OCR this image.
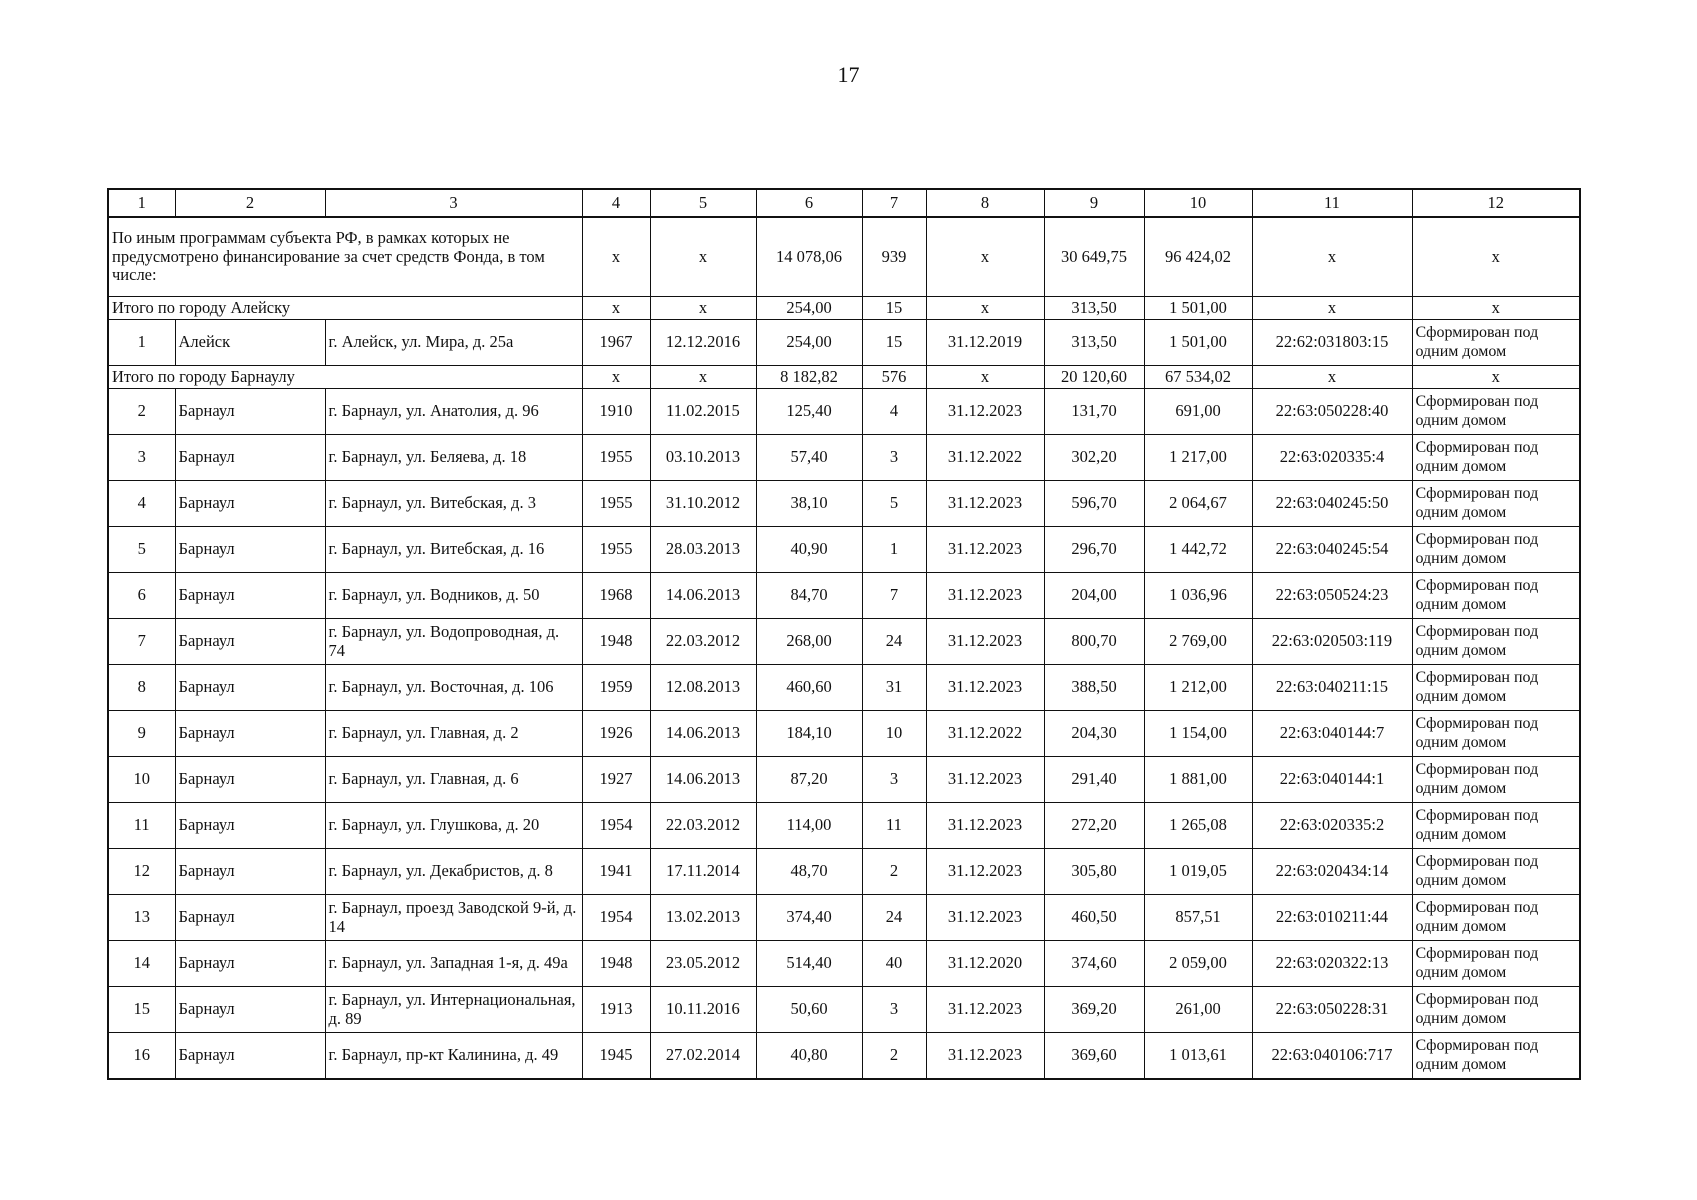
17
1	2	3	4	5	6	7	8	9	10	11	12
По иным программам субъекта РФ, в рамках которых не предусмотрено финансирование за счет средств Фонда, в том числе:			х	х	14 078,06	939	х	30 649,75	96 424,02	х	х
Итого по городу Алейску			х	х	254,00	15	х	313,50	1 501,00	х	х
1	Алейск	г. Алейск, ул. Мира, д. 25а	1967	12.12.2016	254,00	15	31.12.2019	313,50	1 501,00	22:62:031803:15	Сформирован под одним домом
Итого по городу Барнаулу			х	х	8 182,82	576	х	20 120,60	67 534,02	х	х
2	Барнаул	г. Барнаул, ул. Анатолия, д. 96	1910	11.02.2015	125,40	4	31.12.2023	131,70	691,00	22:63:050228:40	Сформирован под одним домом
3	Барнаул	г. Барнаул, ул. Беляева, д. 18	1955	03.10.2013	57,40	3	31.12.2022	302,20	1 217,00	22:63:020335:4	Сформирован под одним домом
4	Барнаул	г. Барнаул, ул. Витебская, д. 3	1955	31.10.2012	38,10	5	31.12.2023	596,70	2 064,67	22:63:040245:50	Сформирован под одним домом
5	Барнаул	г. Барнаул, ул. Витебская, д. 16	1955	28.03.2013	40,90	1	31.12.2023	296,70	1 442,72	22:63:040245:54	Сформирован под одним домом
6	Барнаул	г. Барнаул, ул. Водников, д. 50	1968	14.06.2013	84,70	7	31.12.2023	204,00	1 036,96	22:63:050524:23	Сформирован под одним домом
7	Барнаул	г. Барнаул, ул. Водопроводная, д. 74	1948	22.03.2012	268,00	24	31.12.2023	800,70	2 769,00	22:63:020503:119	Сформирован под одним домом
8	Барнаул	г. Барнаул, ул. Восточная, д. 106	1959	12.08.2013	460,60	31	31.12.2023	388,50	1 212,00	22:63:040211:15	Сформирован под одним домом
9	Барнаул	г. Барнаул, ул. Главная, д. 2	1926	14.06.2013	184,10	10	31.12.2022	204,30	1 154,00	22:63:040144:7	Сформирован под одним домом
10	Барнаул	г. Барнаул, ул. Главная, д. 6	1927	14.06.2013	87,20	3	31.12.2023	291,40	1 881,00	22:63:040144:1	Сформирован под одним домом
11	Барнаул	г. Барнаул, ул. Глушкова, д. 20	1954	22.03.2012	114,00	11	31.12.2023	272,20	1 265,08	22:63:020335:2	Сформирован под одним домом
12	Барнаул	г. Барнаул, ул. Декабристов, д. 8	1941	17.11.2014	48,70	2	31.12.2023	305,80	1 019,05	22:63:020434:14	Сформирован под одним домом
13	Барнаул	г. Барнаул, проезд Заводской 9-й, д. 14	1954	13.02.2013	374,40	24	31.12.2023	460,50	857,51	22:63:010211:44	Сформирован под одним домом
14	Барнаул	г. Барнаул, ул. Западная 1-я, д. 49а	1948	23.05.2012	514,40	40	31.12.2020	374,60	2 059,00	22:63:020322:13	Сформирован под одним домом
15	Барнаул	г. Барнаул, ул. Интернациональная, д. 89	1913	10.11.2016	50,60	3	31.12.2023	369,20	261,00	22:63:050228:31	Сформирован под одним домом
16	Барнаул	г. Барнаул, пр-кт Калинина, д. 49	1945	27.02.2014	40,80	2	31.12.2023	369,60	1 013,61	22:63:040106:717	Сформирован под одним домом
